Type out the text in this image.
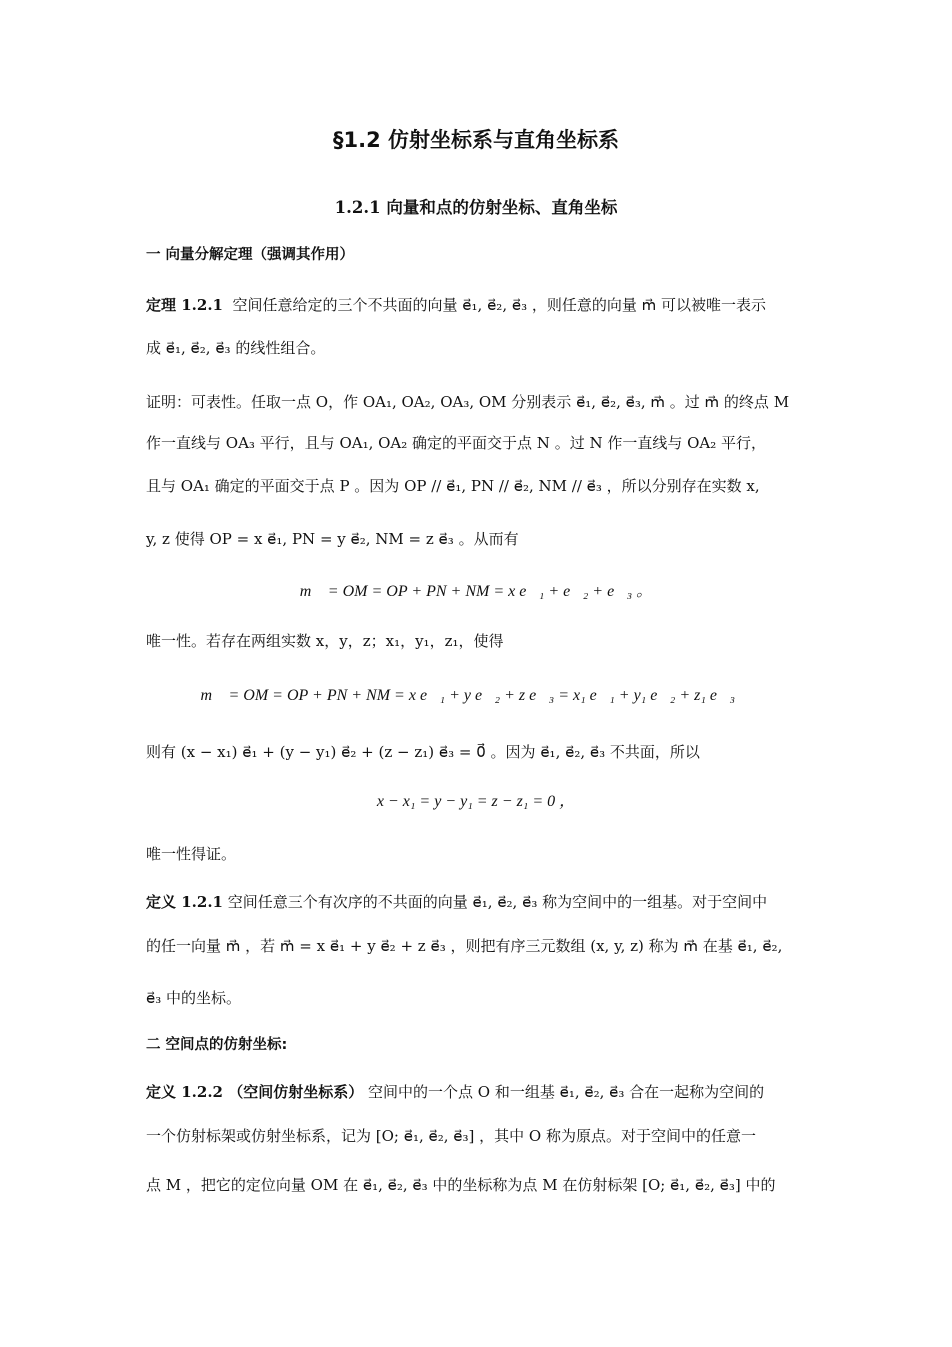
§1.2 仿射坐标系与直角坐标系
1.2.1 向量和点的仿射坐标、直角坐标
一 向量分解定理（强调其作用）
定理 1.2.1 空间任意给定的三个不共面的向量 e⃗₁, e⃗₂, e⃗₃ ，则任意的向量 m⃗ 可以被唯一表示
成 e⃗₁, e⃗₂, e⃗₃ 的线性组合。
证明：可表性。任取一点 O，作 OA₁, OA₂, OA₃, OM 分别表示 e⃗₁, e⃗₂, e⃗₃, m⃗ 。过 m⃗ 的终点 M
作一直线与 OA₃ 平行，且与 OA₁, OA₂ 确定的平面交于点 N 。过 N 作一直线与 OA₂ 平行，
且与 OA₁ 确定的平面交于点 P 。因为 OP // e⃗₁, PN // e⃗₂, NM // e⃗₃ ，所以分别存在实数 x,
y, z 使得 OP = x e⃗₁, PN = y e⃗₂, NM = z e⃗₃ 。从而有
m⃗ = OM = OP + PN + NM = x e⃗₁ + e⃗₂ + e⃗₃ 。
唯一性。若存在两组实数 x，y，z；x₁，y₁，z₁，使得
m⃗ = OM = OP + PN + NM = x e⃗₁ + y e⃗₂ + z e⃗₃ = x₁ e⃗₁ + y₁ e⃗₂ + z₁ e⃗₃ ，
则有 (x − x₁) e⃗₁ + (y − y₁) e⃗₂ + (z − z₁) e⃗₃ = 0⃗ 。因为 e⃗₁, e⃗₂, e⃗₃ 不共面，所以
x − x₁ = y − y₁ = z − z₁ = 0 ，
唯一性得证。
定义 1.2.1 空间任意三个有次序的不共面的向量 e⃗₁, e⃗₂, e⃗₃ 称为空间中的一组基。对于空间中
的任一向量 m⃗ ，若 m⃗ = x e⃗₁ + y e⃗₂ + z e⃗₃ ，则把有序三元数组 (x, y, z) 称为 m⃗ 在基 e⃗₁, e⃗₂,
e⃗₃ 中的坐标。
二 空间点的仿射坐标:
定义 1.2.2 （空间仿射坐标系） 空间中的一个点 O 和一组基 e⃗₁, e⃗₂, e⃗₃ 合在一起称为空间的
一个仿射标架或仿射坐标系，记为 [O; e⃗₁, e⃗₂, e⃗₃] ，其中 O 称为原点。对于空间中的任意一
点 M ，把它的定位向量 OM 在 e⃗₁, e⃗₂, e⃗₃ 中的坐标称为点 M 在仿射标架 [O; e⃗₁, e⃗₂, e⃗₃] 中的
